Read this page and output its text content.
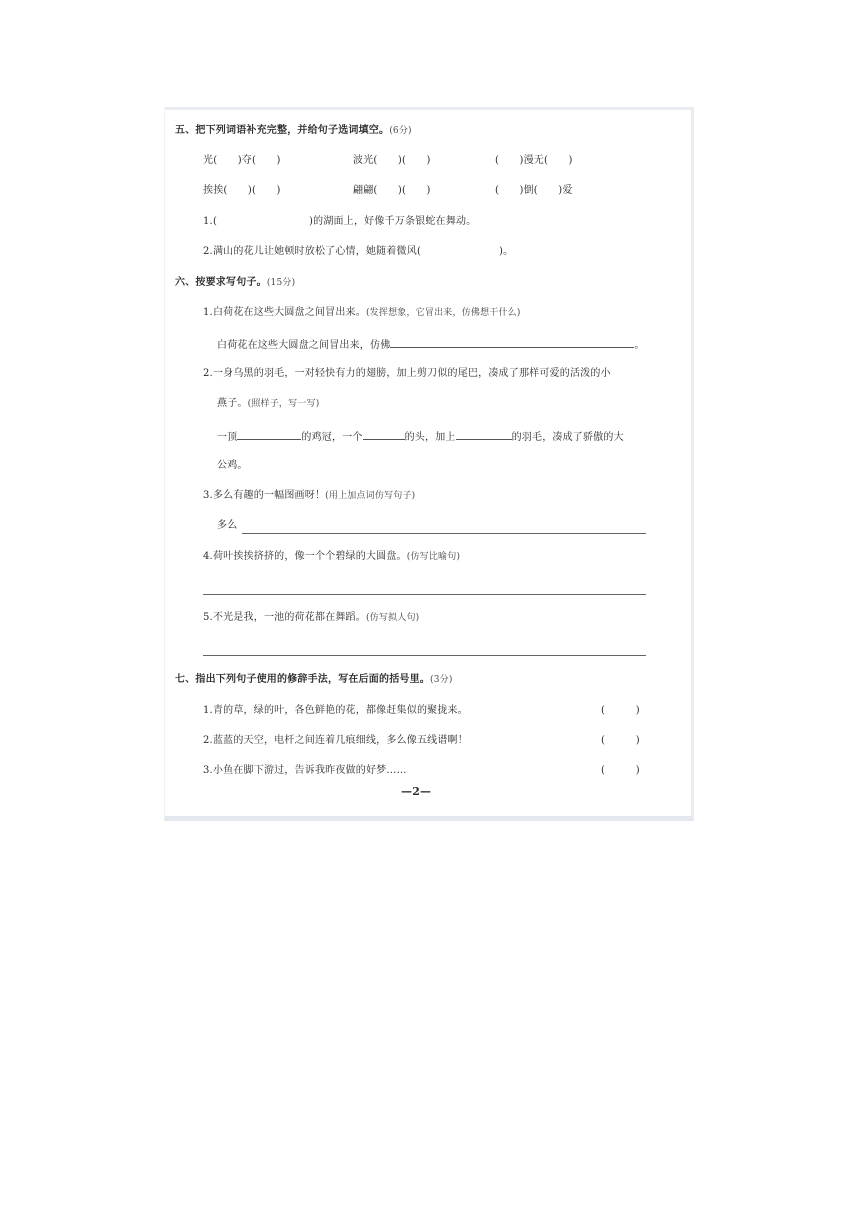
五、把下列词语补充完整，并给句子选词填空。(6分)
光(　　)夺(　　)	波光(　　)(　　)	(　　)漫无(　　)
挨挨(　　)(　　)	翩翩(　　)(　　)	(　　)倒(　　)爱
1.(	)的湖面上，好像千万条银蛇在舞动。
2.满山的花儿让她顿时放松了心情，她随着微风(	)。
六、按要求写句子。(15分)
1.白荷花在这些大圆盘之间冒出来。(发挥想象，它冒出来，仿佛想干什么)
白荷花在这些大圆盘之间冒出来，仿佛	。
2.一身乌黑的羽毛，一对轻快有力的翅膀，加上剪刀似的尾巴，凑成了那样可爱的活泼的小
燕子。(照样子，写一写)
一顶	的鸡冠，一个	的头，加上	的羽毛，凑成了骄傲的大
公鸡。
3.多么有趣的一幅图画呀！(用上加点词仿写句子)
多么
4.荷叶挨挨挤挤的，像一个个碧绿的大圆盘。(仿写比喻句)
5.不光是我，一池的荷花都在舞蹈。(仿写拟人句)
七、指出下列句子使用的修辞手法，写在后面的括号里。(3分)
1.青的草，绿的叶，各色鲜艳的花，都像赶集似的聚拢来。	(　　　)
2.蓝蓝的天空，电杆之间连着几痕细线，多么像五线谱啊！	(　　　)
3.小鱼在脚下游过，告诉我昨夜做的好梦……	(　　　)
—2—
